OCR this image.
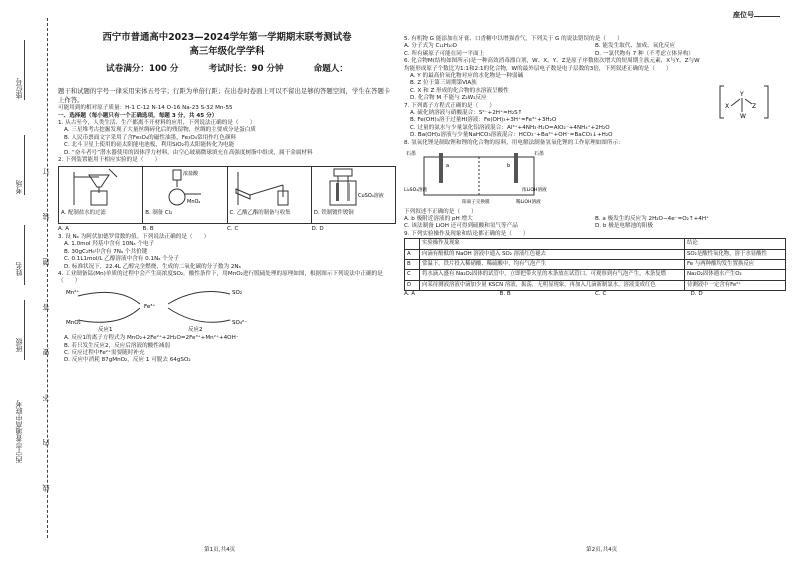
座位号
考场
姓名
班级
西宁市普通高中联考	线 内 不 要 答 题 装 订
西宁市普通高中2023—2024学年第一学期期末联考测试卷
高三年级化学学科
试卷满分：100 分	考试时长：90 分钟	命题人：
题干和试题的字号一律采用宋体五号字；行距为单倍行距；在出卷时卷面上可以不留出足够的答题空间，学生在答题卡上作答。
可能用到的相对原子质量：H-1 C-12 N-14 O-16 Na-23 S-32 Mn-55
一、选择题（每小题只有一个正确选项，每题 3 分，共 45 分）
1. 从古至今，人类生活、生产都离不开材料的应用，下列说法正确的是（　　）
A. 三星堆考古挖掘发现了大量丝绸碎化后的残留物，丝绸的主要成分是蛋白质
B. 人民币票面文字采用了含Fe₃O₄的磁性油墨，Fe₃O₄常用作红色颜料
C. 北斗卫星上使用的硅太阳能电池板，利用SiO₂将太阳能转化为电能
D. “奋斗者号”潜水器使用的固体浮力材料，由空心玻璃微球填充在高强度树脂中组成，属于金属材料
2. 下列装置能用于相应实验的是（　　）
A. 配制盐水的过滤
浓盐酸
MnO₂
B. 制备 Cl₂	C. 乙酸乙酯的制备与收集
CuSO₄溶液
D. 铁制镀件镀铜
A. A	B. B	C. C	D. D
3. 设 Nₐ 为阿伏加德罗常数的值。下列说法正确的是（　　）
A. 1.0mol 羟基中含有 10Nₐ 个电子
B. 30gC₂H₆中含有 7Nₐ 个共价键
C. 0.1L1mol/L 乙醇溶液中含有 0.1Nₐ 个分子
D. 标准状况下，22.4L 乙醇完全燃烧，生成的二氧化碳的分子数为 2Nₐ
4. 工业制备锰(Mn)单质的过程中会产生高浓度SO₂。酸性条件下，用MnO₂进行脱硫处理的原理如图，根据图示下列说法中正确的是（　　）
Mn²⁺
Fe³⁺
SO₂
MnO₂	SO₄²⁻
反应1	反应2
A. 反应1的离子方程式为 MnO₂+2Fe²⁺+2H₂O=2Fe³⁺+Mn²⁺+4OH⁻
B. 若只发生反应2，反应后溶液的酸性减弱
C. 反应过程中Fe²⁺需要随时补充
D. 反应中消耗 87gMnO₂，反应 1 可脱去 64gSO₂
座位号
5. 有机物 G 能添加在牙膏、口香糖中以增强香气，下列关于 G 的说法错误的是（　　）
A. 分子式为 C₁₁H₁₀O	B. 能发生取代、加成、氧化反应
C. 所有碳原子可能在同一平面上	D. 一氯代物有 7 种（不考虑立体异构）
6. 化合物M(结构如图所示)是一种高效消毒漂白剂，W、X、Y、Z是原子序数依次增大的短周期主族元素，X与Y、Z与W均能形成原子个数比为1:1和2:1的化合物，W的最外层电子数是电子层数的3倍，下列叙述正确的是（　　）
A. Y 的最高价氧化物对应的水化物是一种弱碱
B. Z 位于第三周期第ⅥA族
C. X 和 Z 形成的化合物的水溶液呈酸性
D. 化合物 M 不能与 Z₂W₂反应
Y
X	Z
W
7. 下列离子方程式正确的是（　　）
A. 硫化钠溶液与硝酸混合：S²⁻+2H⁺=H₂S↑
B. Fe(OH)₃溶于过量HI溶液：Fe(OH)₃+3H⁺=Fe³⁺+3H₂O
C. 过量的氨水与少量氯化铝溶液混合：Al³⁺+4NH₃·H₂O=AlO₂⁻+4NH₄⁺+2H₂O
D. Ba(OH)₂溶液与少量NaHCO₃溶液混合：HCO₃⁻+Ba²⁺+OH⁻=BaCO₃↓+H₂O
8. 氢氧化锂是制取锂和锂的化合物的原料，用电解法制备氢氧化锂的工作原理如图所示：
石墨	石墨
a	b
Li₂SO₄溶液
稀LiOH溶液
阳离子交换膜
浓LiOH溶液
下列叙述不正确的是（　　）
A. b 极附近溶液的 pH 增大	B. a 极发生的反应为 2H₂O−4e⁻=O₂↑+4H⁺
C. 该法制备 LiOH 还可得到硫酸和氢气等产品	D. b 极是电解池的阳极
9. 下列实验操作及现象和结论都正确的是（　　）
	实验操作及现象	结论
A	向滴有酚酞的 NaOH 溶液中通入 SO₂ 溶液红色褪去	SO₂是酸性氧化物，溶于水显酸性
B	常温下，铁片投入稀硝酸、稀硫酸中，均有气泡产生	Fe 与两种酸均发生置换反应
C	将水滴入盛有 Na₂O₂固体的试管中，立即把带火星的木条放在试管口，可观察到有气泡产生，木条复燃	Na₂O₂固体遇水产生O₂
D	向某待测液溶液中滴加少量 KSCN 溶液，振荡，无明显现象，再加入几滴新制氯水，溶液变成红色	待测液中一定含有Fe²⁺
A. A	B. B	C. C	D. D
第1页,共4页	第2页,共4页
